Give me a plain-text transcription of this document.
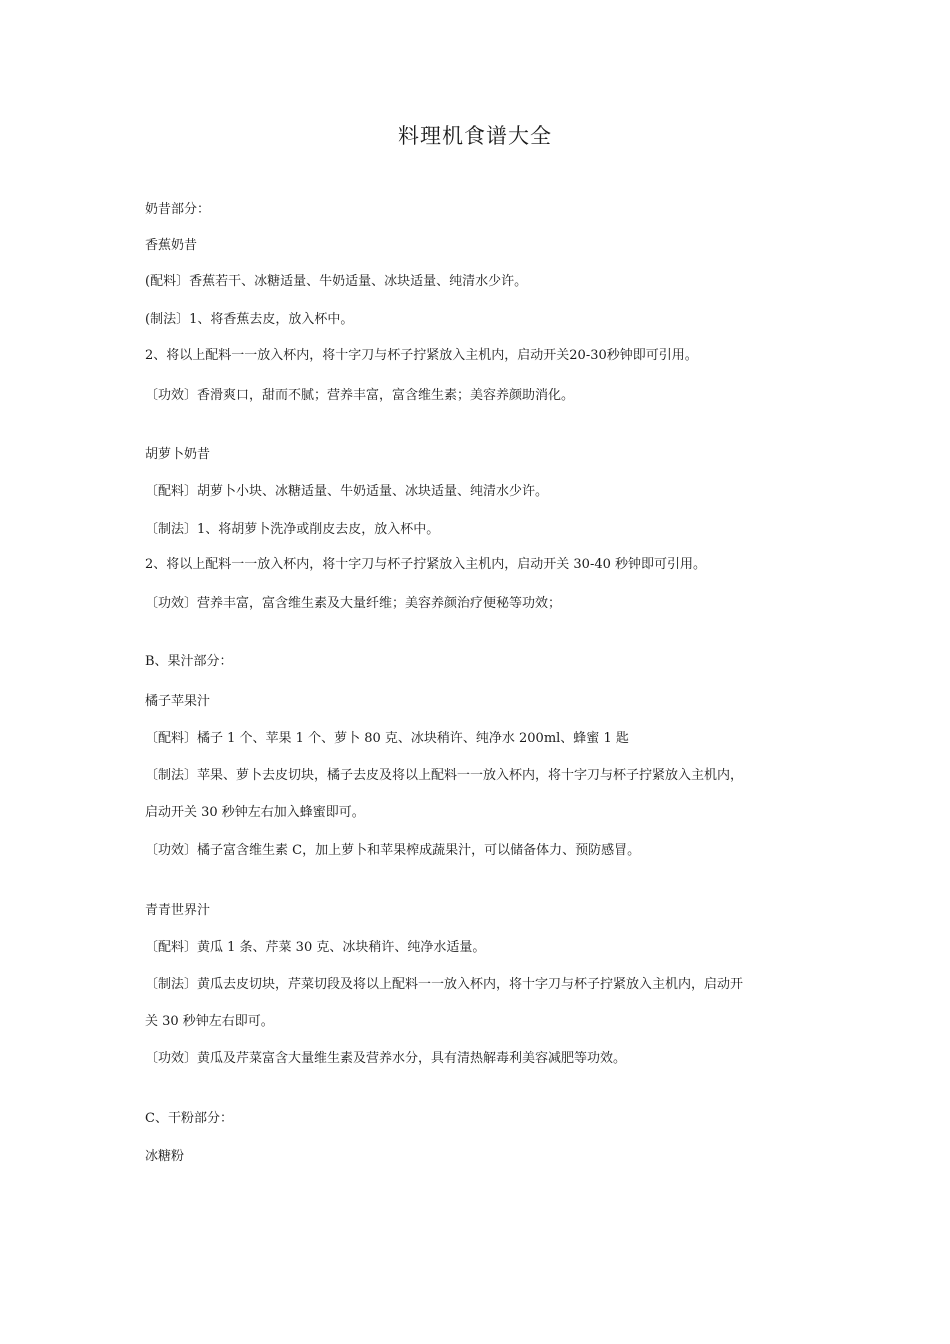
料理机食谱大全
奶昔部分：
香蕉奶昔
(配料〕香蕉若干、冰糖适量、牛奶适量、冰块适量、纯清水少许。
(制法〕1、将香蕉去皮，放入杯中。
2、将以上配料一一放入杯内，将十字刀与杯子拧紧放入主机内，启动开关20-30秒钟即可引用。
〔功效〕香滑爽口，甜而不腻；营养丰富，富含维生素；美容养颜助消化。
胡萝卜奶昔
〔配料〕胡萝卜小块、冰糖适量、牛奶适量、冰块适量、纯清水少许。
〔制法〕1、将胡萝卜洗净或削皮去皮，放入杯中。
2、将以上配料一一放入杯内，将十字刀与杯子拧紧放入主机内，启动开关 30-40 秒钟即可引用。
〔功效〕营养丰富，富含维生素及大量纤维；美容养颜治疗便秘等功效；
B、果汁部分：
橘子苹果汁
〔配料〕橘子 1 个、苹果 1 个、萝卜 80 克、冰块稍许、纯净水 200ml、蜂蜜 1 匙
〔制法〕苹果、萝卜去皮切块，橘子去皮及将以上配料一一放入杯内，将十字刀与杯子拧紧放入主机内，
启动开关 30 秒钟左右加入蜂蜜即可。
〔功效〕橘子富含维生素 C，加上萝卜和苹果榨成蔬果汁，可以储备体力、预防感冒。
青青世界汁
〔配料〕黄瓜 1 条、芹菜 30 克、冰块稍许、纯净水适量。
〔制法〕黄瓜去皮切块，芹菜切段及将以上配料一一放入杯内，将十字刀与杯子拧紧放入主机内，启动开
关 30 秒钟左右即可。
〔功效〕黄瓜及芹菜富含大量维生素及营养水分，具有清热解毒利美容减肥等功效。
C、干粉部分：
冰糖粉
